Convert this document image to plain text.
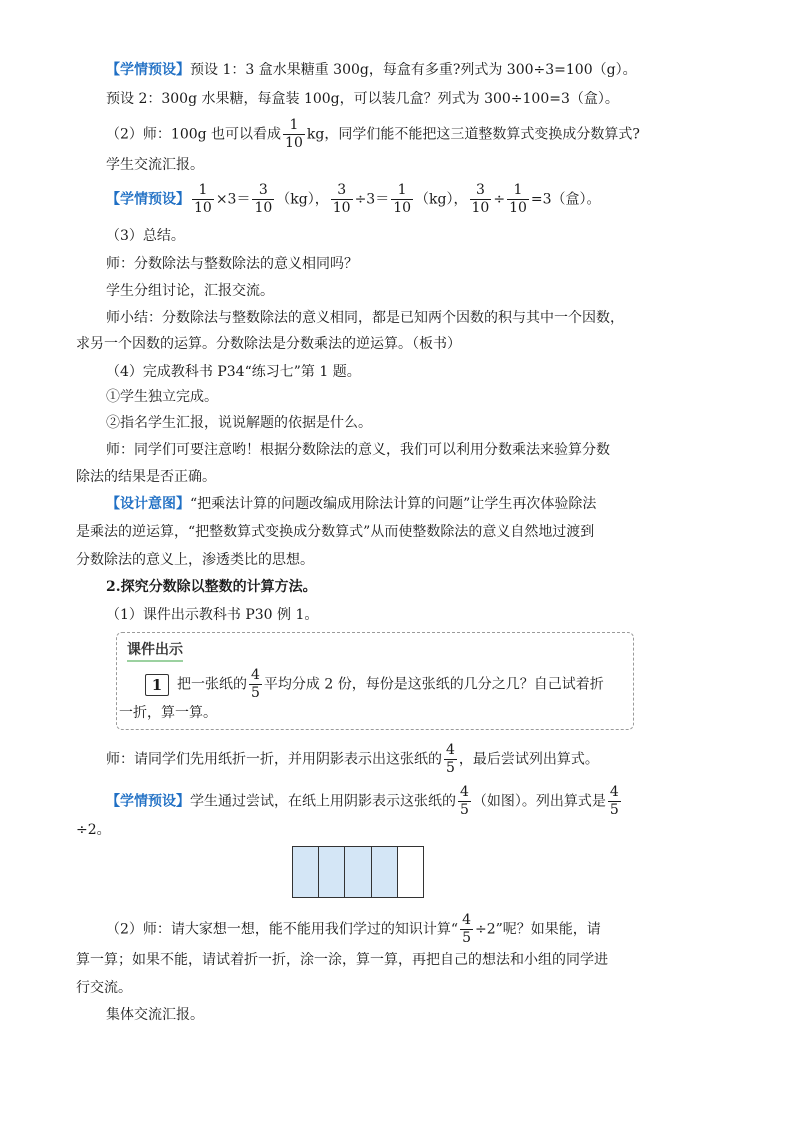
【学情预设】预设 1：3 盒水果糖重 300g，每盒有多重?列式为 300÷3=100（g）。
预设 2：300g 水果糖，每盒装 100g，可以装几盒？列式为 300÷100=3（盒）。
（2）师：100g 也可以看成 $\frac{1}{10}$ kg，同学们能不能把这三道整数算式变换成分数算式?
学生交流汇报。
【学情预设】 $\frac{1}{10} \times 3= \frac{3}{10} (kg)$， $\frac{3}{10} \div 3= \frac{1}{10} (kg)$， $\frac{3}{10} \div \frac{1}{10} =3$（盒）。
（3）总结。
师：分数除法与整数除法的意义相同吗？
学生分组讨论，汇报交流。
师小结：分数除法与整数除法的意义相同，都是已知两个因数的积与其中一个因数，
求另一个因数的运算。分数除法是分数乘法的逆运算。（板书）
（4）完成教科书 P34“练习七”第 1 题。
①学生独立完成。
②指名学生汇报，说说解题的依据是什么。
师：同学们可要注意哟！根据分数除法的意义，我们可以利用分数乘法来验算分数
除法的结果是否正确。
【设计意图】“把乘法计算的问题改编成用除法计算的问题”让学生再次体验除法
是乘法的逆运算，“把整数算式变换成分数算式”从而使整数除法的意义自然地过渡到
分数除法的意义上，渗透类比的思想。
2.探究分数除以整数的计算方法。
（1）课件出示教科书 P30 例 1。
课件出示
1 把一张纸的 $\frac{4}{5}$ 平均分成 2 份，每份是这张纸的几分之几？自己试着折
一折，算一算。
师：请同学们先用纸折一折，并用阴影表示出这张纸的 $\frac{4}{5}$ ，最后尝试列出算式。
【学情预设】学生通过尝试，在纸上用阴影表示这张纸的 $\frac{4}{5}$ （如图）。列出算式是 $\frac{4}{5}$
÷2。
（2）师：请大家想一想，能不能用我们学过的知识计算“ $\frac{4}{5} \div 2$”呢？如果能，请
算一算；如果不能，请试着折一折，涂一涂，算一算，再把自己的想法和小组的同学进
行交流。
集体交流汇报。
